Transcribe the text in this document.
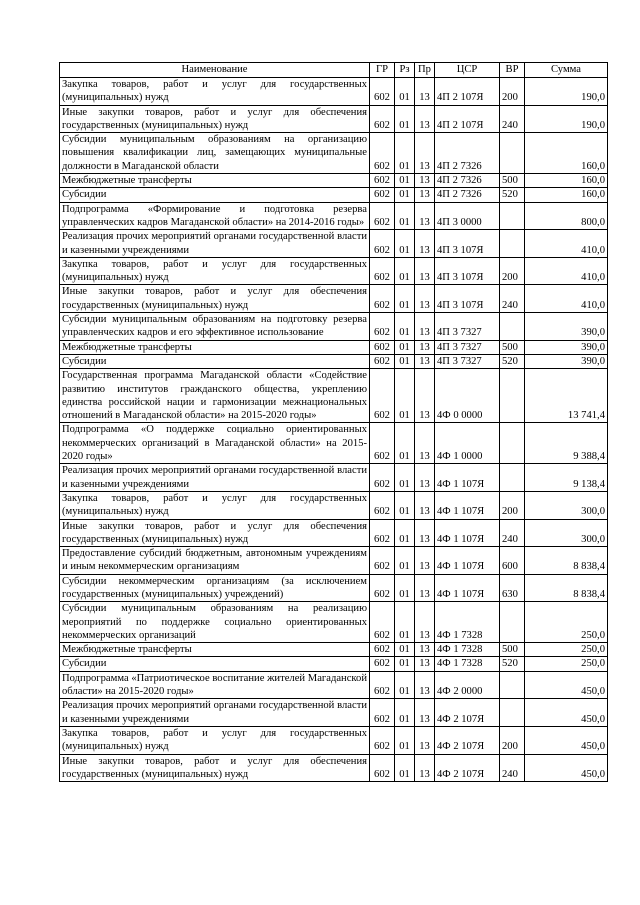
Наименование	ГР	Рз	Пр	ЦСР	ВР	Сумма
Закупка товаров, работ и услуг для государственных (муниципальных) нужд	602	01	13	4П 2 107Я	200	190,0
Иные закупки товаров, работ и услуг для обеспечения государственных (муниципальных) нужд	602	01	13	4П 2 107Я	240	190,0
Субсидии муниципальным образованиям на организацию повышения квалификации лиц, замещающих муниципальные должности в Магаданской области	602	01	13	4П 2 7326		160,0
Межбюджетные трансферты	602	01	13	4П 2 7326	500	160,0
Субсидии	602	01	13	4П 2 7326	520	160,0
Подпрограмма «Формирование и подготовка резерва управленческих кадров Магаданской области» на 2014-2016 годы»	602	01	13	4П 3 0000		800,0
Реализация прочих мероприятий органами государственной власти и казенными учреждениями	602	01	13	4П 3 107Я		410,0
Закупка товаров, работ и услуг для государственных (муниципальных) нужд	602	01	13	4П 3 107Я	200	410,0
Иные закупки товаров, работ и услуг для обеспечения государственных (муниципальных) нужд	602	01	13	4П 3 107Я	240	410,0
Субсидии муниципальным образованиям на подготовку резерва управленческих кадров и его эффективное использование	602	01	13	4П 3 7327		390,0
Межбюджетные трансферты	602	01	13	4П 3 7327	500	390,0
Субсидии	602	01	13	4П 3 7327	520	390,0
Государственная программа Магаданской области «Содействие развитию институтов гражданского общества, укреплению единства российской нации и гармонизации межнациональных отношений в Магаданской области» на 2015-2020 годы»	602	01	13	4Ф 0 0000		13 741,4
Подпрограмма «О поддержке социально ориентированных некоммерческих организаций в Магаданской области» на 2015-2020 годы»	602	01	13	4Ф 1 0000		9 388,4
Реализация прочих мероприятий органами государственной власти и казенными учреждениями	602	01	13	4Ф 1 107Я		9 138,4
Закупка товаров, работ и услуг для государственных (муниципальных) нужд	602	01	13	4Ф 1 107Я	200	300,0
Иные закупки товаров, работ и услуг для обеспечения государственных (муниципальных) нужд	602	01	13	4Ф 1 107Я	240	300,0
Предоставление субсидий бюджетным, автономным учреждениям и иным некоммерческим организациям	602	01	13	4Ф 1 107Я	600	8 838,4
Субсидии некоммерческим организациям (за исключением государственных (муниципальных) учреждений)	602	01	13	4Ф 1 107Я	630	8 838,4
Субсидии муниципальным образованиям на реализацию мероприятий по поддержке социально ориентированных некоммерческих организаций	602	01	13	4Ф 1 7328		250,0
Межбюджетные трансферты	602	01	13	4Ф 1 7328	500	250,0
Субсидии	602	01	13	4Ф 1 7328	520	250,0
Подпрограмма «Патриотическое воспитание жителей Магаданской области» на 2015-2020 годы»	602	01	13	4Ф 2 0000		450,0
Реализация прочих мероприятий органами государственной власти и казенными учреждениями	602	01	13	4Ф 2 107Я		450,0
Закупка товаров, работ и услуг для государственных (муниципальных) нужд	602	01	13	4Ф 2 107Я	200	450,0
Иные закупки товаров, работ и услуг для обеспечения государственных (муниципальных) нужд	602	01	13	4Ф 2 107Я	240	450,0
